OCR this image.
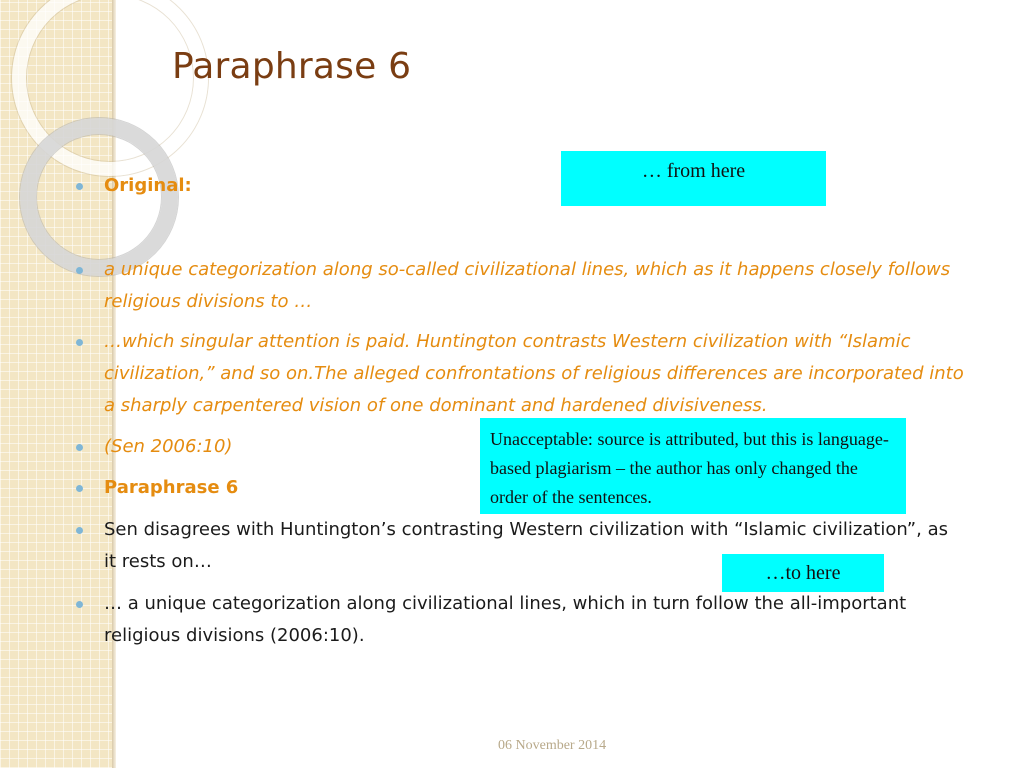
Paraphrase 6
Original:
a unique categorization along so-called civilizational lines, which as it happens closely follows religious divisions to …
…which singular attention is paid. Huntington contrasts Western civilization with “Islamic civilization,” and so on.The alleged confrontations of religious differences are incorporated into a sharply carpentered vision of one dominant and hardened divisiveness.
(Sen 2006:10)
Paraphrase 6
Sen disagrees with Huntington’s contrasting Western civilization with “Islamic civilization”, as it rests on…
… a unique categorization along civilizational lines, which in turn follow the all-important religious divisions (2006:10).
… from here
Unacceptable: source is attributed, but this is language-based plagiarism – the author has only changed the order of the sentences.
…to here
06 November 2014
